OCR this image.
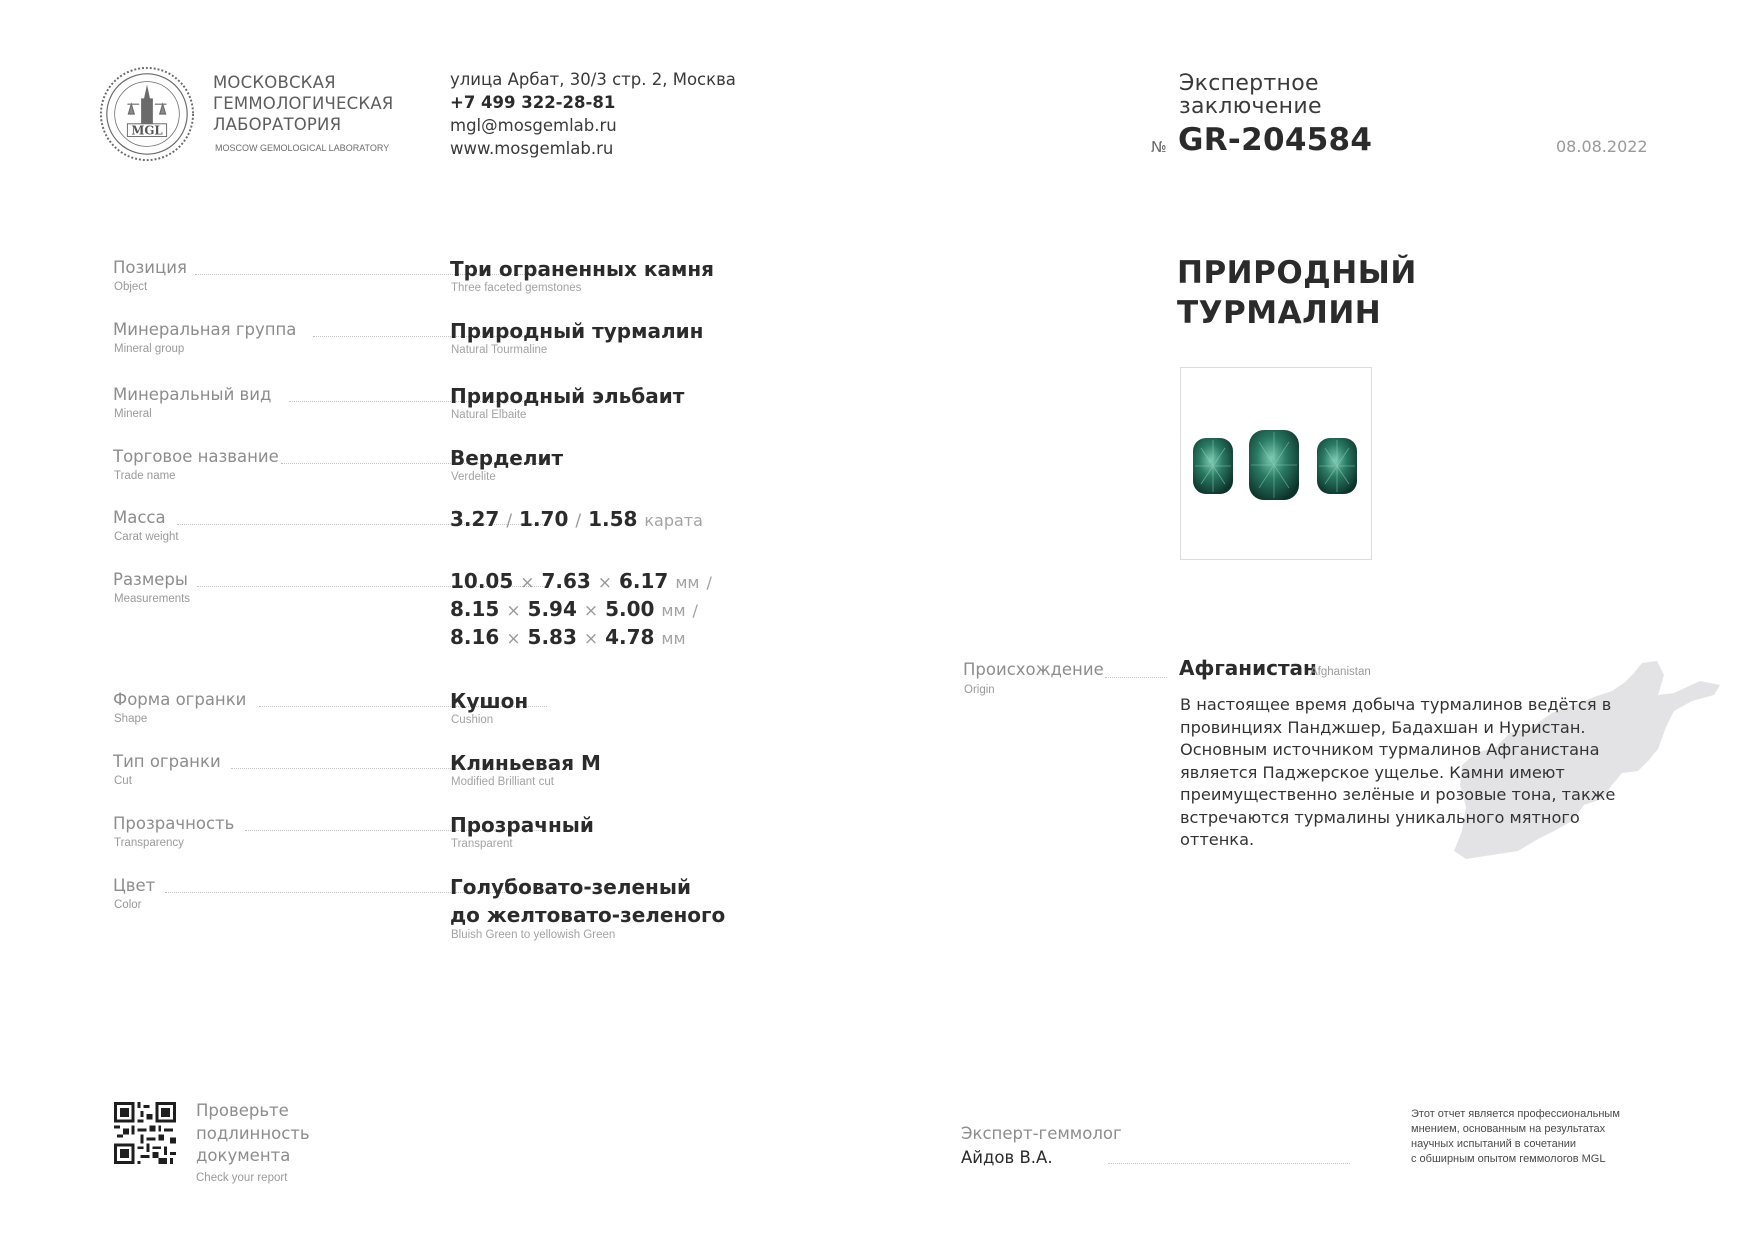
MGL
МОСКОВСКАЯ
ГЕММОЛОГИЧЕСКАЯ
ЛАБОРАТОРИЯ
MOSCOW GEMOLOGICAL LABORATORY
улица Арбат, 30/3 стр. 2, Москва
+7 499 322-28-81
mgl@mosgemlab.ru
www.mosgemlab.ru
Экспертное
заключение
№ GR-204584	08.08.2022
Позиция
Object
Три ограненных камня
Three faceted gemstones
Минеральная группа
Mineral group
Природный турмалин
Natural Tourmaline
Минеральный вид
Mineral
Природный эльбаит
Natural Elbaite
Торговое название
Trade name
Верделит
Verdelite
Масса
Carat weight
3.27 / 1.70 / 1.58 карата
Размеры
Measurements
10.05 × 7.63 × 6.17 мм /
8.15 × 5.94 × 5.00 мм /
8.16 × 5.83 × 4.78 мм
Форма огранки
Shape
Кушон
Cushion
Тип огранки
Cut
Клиньевая М
Modified Brilliant cut
Прозрачность
Transparency
Прозрачный
Transparent
Цвет
Color
Голубовато-зеленый
до желтовато-зеленого
Bluish Green to yellowish Green
ПРИРОДНЫЙ
ТУРМАЛИН
Происхождение
Origin
Афганистан
Afghanistan
В настоящее время добыча турмалинов ведётся в провинциях Панджшер, Бадахшан и Нуристан. Основным источником турмалинов Афганистана является Паджерское ущелье. Камни имеют преимущественно зелёные и розовые тона, также встречаются турмалины уникального мятного оттенка.
Проверьте
подлинность
документа
Check your report
Эксперт-геммолог
Айдов В.А.
Этот отчет является профессиональным
мнением, основанным на результатах
научных испытаний в сочетании
с обширным опытом геммологов MGL
